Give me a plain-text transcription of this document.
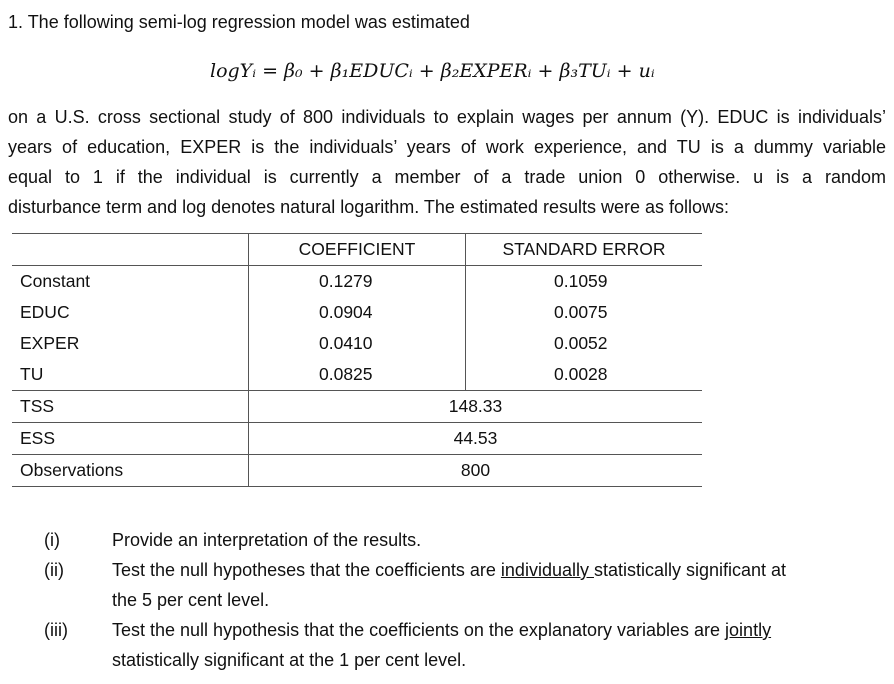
1. The following semi-log regression model was estimated
logYᵢ = β₀ + β₁EDUCᵢ + β₂EXPERᵢ + β₃TUᵢ + uᵢ
on a U.S. cross sectional study of 800 individuals to explain wages per annum (Y). EDUC is individuals’
years of education, EXPER is the individuals’ years of work experience, and TU is a dummy variable
equal to 1 if the individual is currently a member of a trade union 0 otherwise. u is a random
disturbance term and log denotes natural logarithm. The estimated results were as follows:
	COEFFICIENT	STANDARD ERROR
Constant	0.1279	0.1059
EDUC	0.0904	0.0075
EXPER	0.0410	0.0052
TU	0.0825	0.0028
TSS	148.33	
ESS	44.53	
Observations	800	
(i)	Provide an interpretation of the results.
(ii)	Test the null hypotheses that the coefficients are individually statistically significant at
the 5 per cent level.
(iii) Test the null hypothesis that the coefficients on the explanatory variables are jointly
statistically significant at the 1 per cent level.
